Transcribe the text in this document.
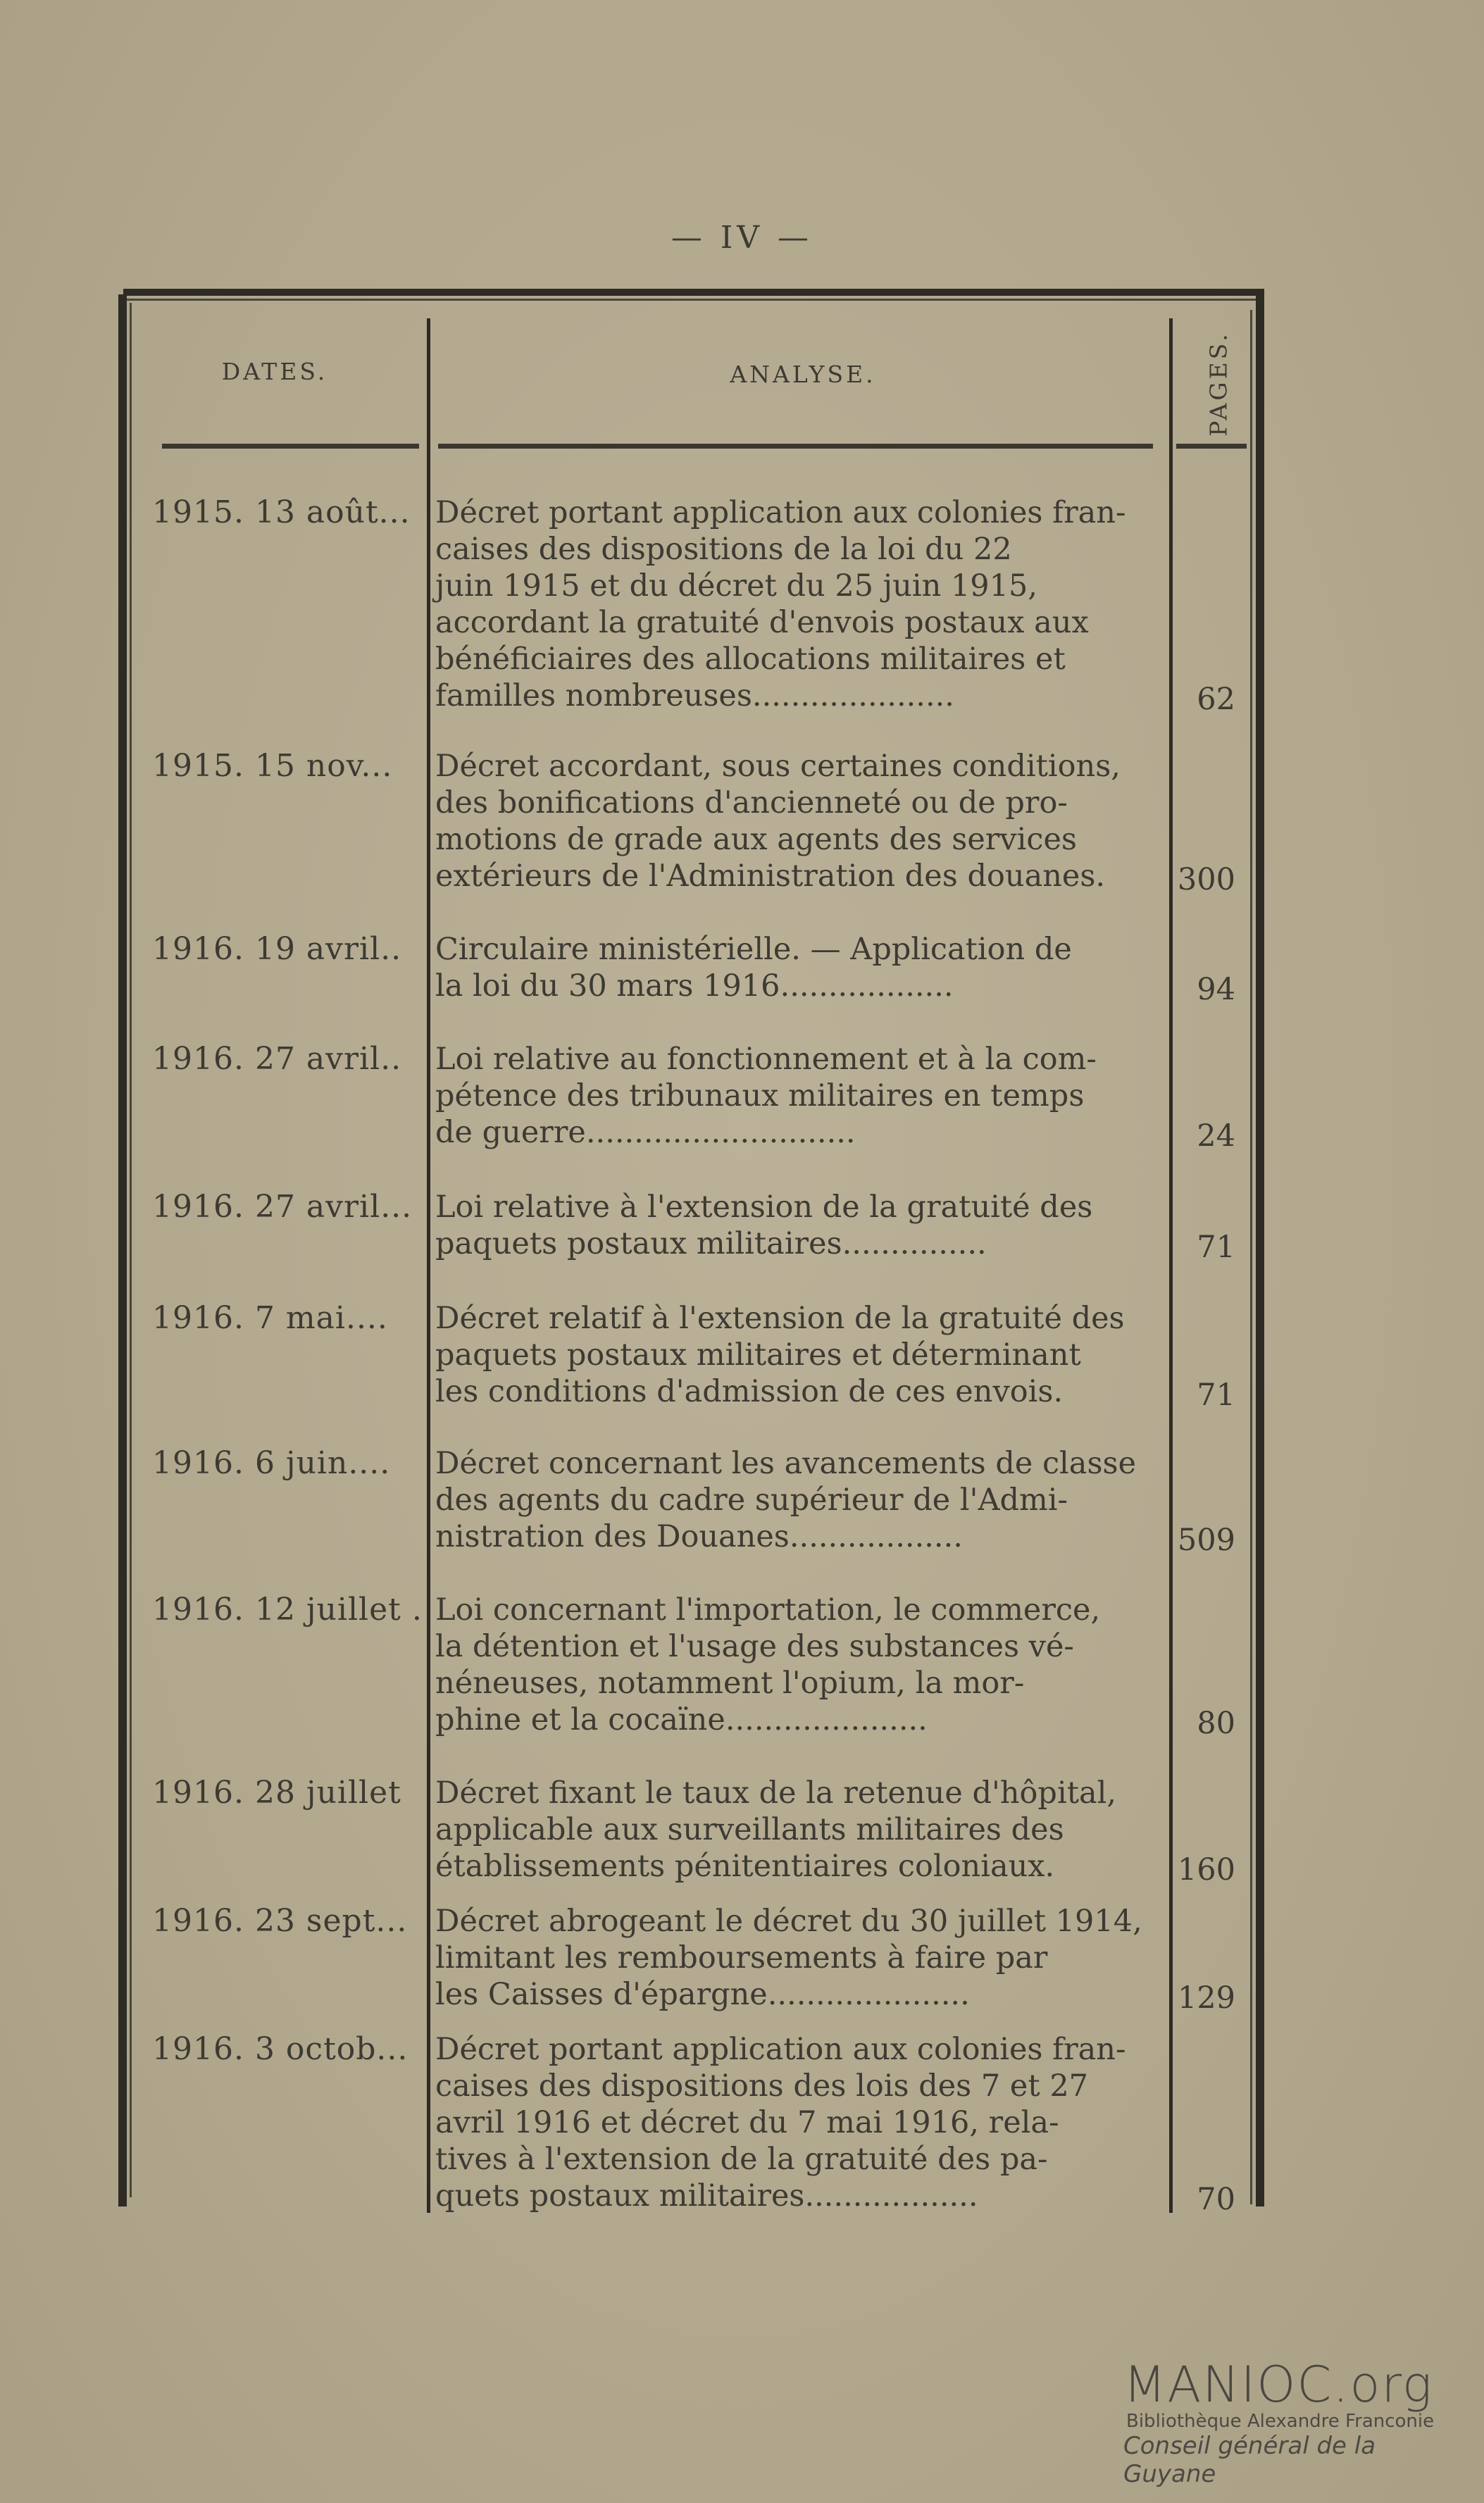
— IV —
DATES.	ANALYSE.	PAGES.
1915. 13 août... Décret portant application aux colonies fran-
caises des dispositions de la loi du 22
juin 1915 et du décret du 25 juin 1915,
accordant la gratuité d'envois postaux aux
bénéficiaires des allocations militaires et
familles nombreuses.....................	62
1915. 15 nov...	Décret accordant, sous certaines conditions,
des bonifications d'ancienneté ou de pro-
motions de grade aux agents des services
extérieurs de l'Administration des douanes.	300
1916. 19 avril..	Circulaire ministérielle. — Application de
la loi du 30 mars 1916..................	94
1916. 27 avril..	Loi relative au fonctionnement et à la com-
pétence des tribunaux militaires en temps
de guerre............................	24
1916. 27 avril... Loi relative à l'extension de la gratuité des
paquets postaux militaires...............	71
1916. 7 mai....	Décret relatif à l'extension de la gratuité des
paquets postaux militaires et déterminant
les conditions d'admission de ces envois.	71
1916. 6 juin....	Décret concernant les avancements de classe
des agents du cadre supérieur de l'Admi-
nistration des Douanes..................	509
1916. 12 juillet . Loi concernant l'importation, le commerce,
la détention et l'usage des substances vé-
néneuses, notamment l'opium, la mor-
phine et la cocaïne.....................	80
1916. 28 juillet	Décret fixant le taux de la retenue d'hôpital,
applicable aux surveillants militaires des
établissements pénitentiaires coloniaux.	160
1916. 23 sept... Décret abrogeant le décret du 30 juillet 1914,
limitant les remboursements à faire par
les Caisses d'épargne.....................	129
1916. 3 octob... Décret portant application aux colonies fran-
caises des dispositions des lois des 7 et 27
avril 1916 et décret du 7 mai 1916, rela-
tives à l'extension de la gratuité des pa-
quets postaux militaires..................	70
MANIOC.org
Bibliothèque Alexandre Franconie
Conseil général de la Guyane
